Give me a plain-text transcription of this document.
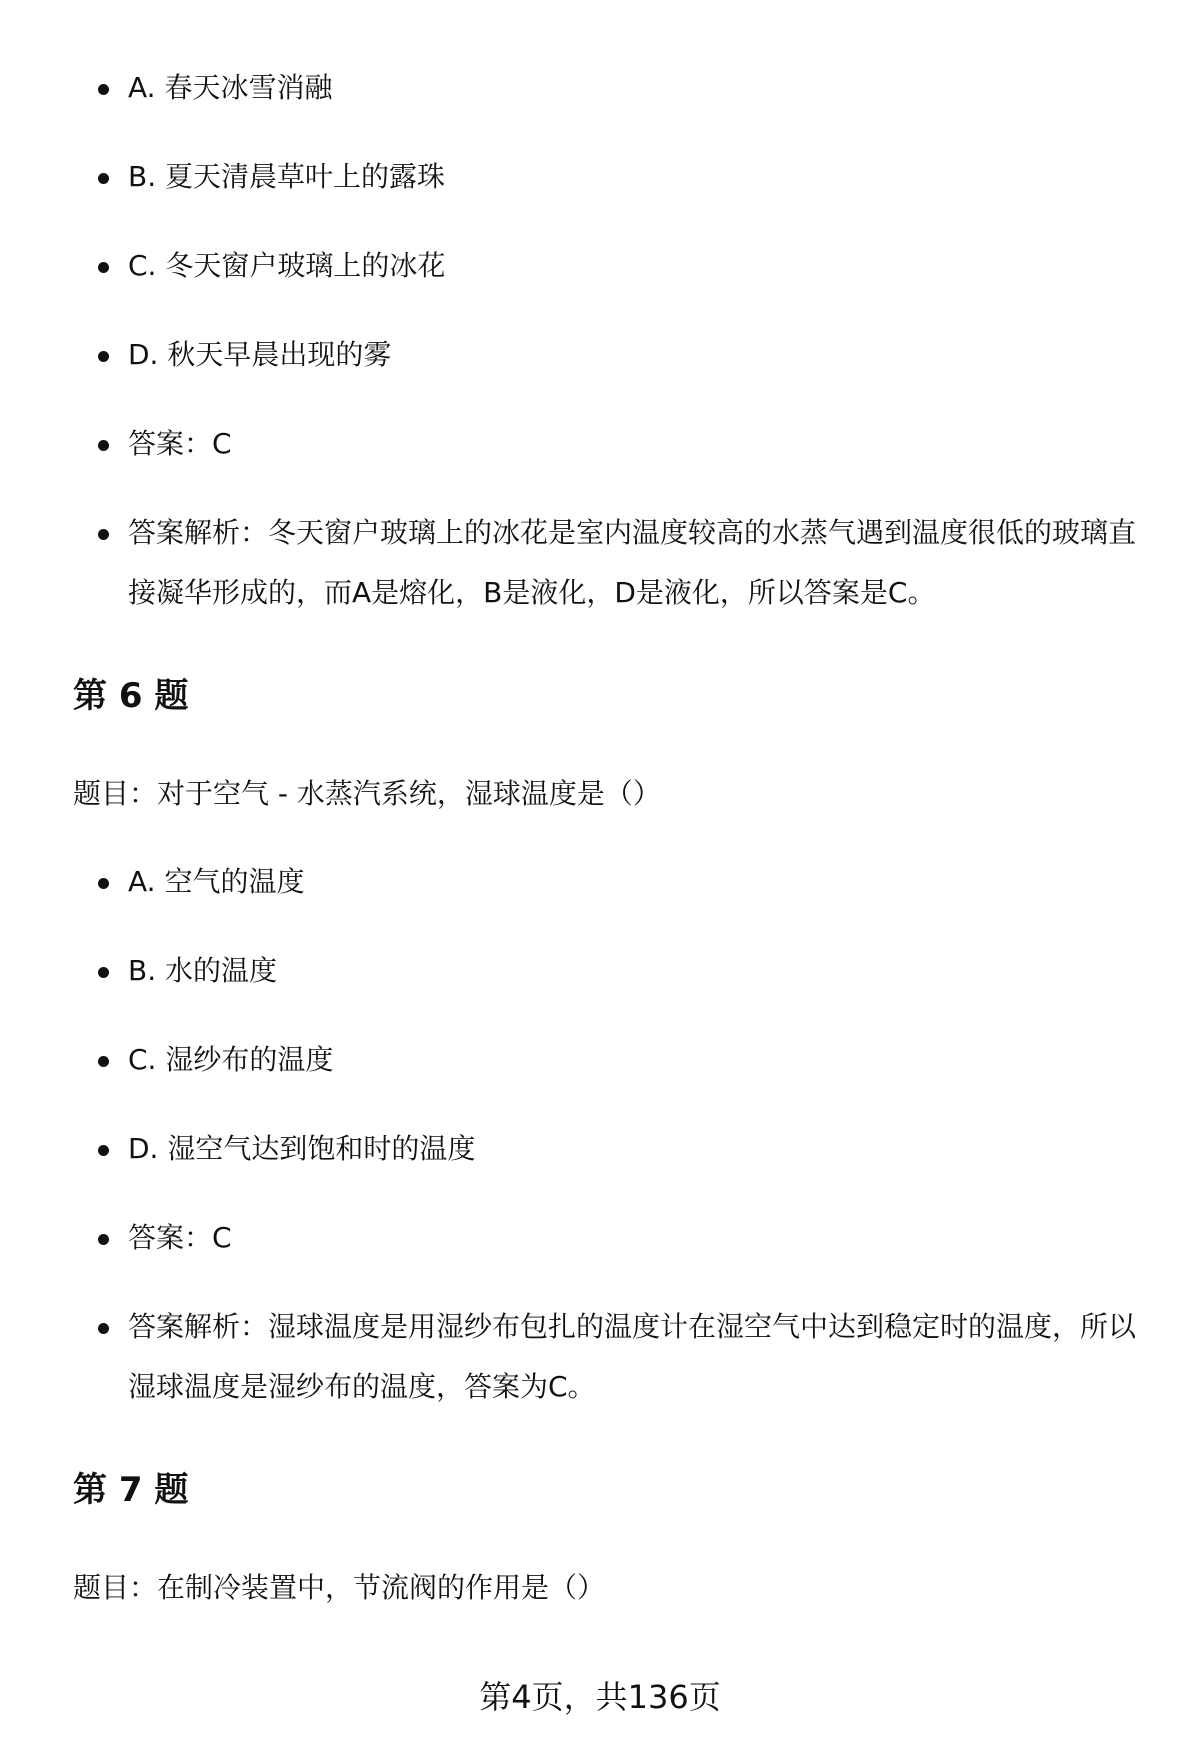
A. 春天冰雪消融
B. 夏天清晨草叶上的露珠
C. 冬天窗户玻璃上的冰花
D. 秋天早晨出现的雾
答案：C
答案解析：冬天窗户玻璃上的冰花是室内温度较高的水蒸气遇到温度很低的玻璃直接凝华形成的，而A是熔化，B是液化，D是液化，所以答案是C。
第 6 题

题目：对于空气 - 水蒸汽系统，湿球温度是（）

A. 空气的温度
B. 水的温度
C. 湿纱布的温度
D. 湿空气达到饱和时的温度
答案：C
答案解析：湿球温度是用湿纱布包扎的温度计在湿空气中达到稳定时的温度，所以湿球温度是湿纱布的温度，答案为C。
第 7 题

题目：在制冷装置中，节流阀的作用是（）

第4页，共136页
